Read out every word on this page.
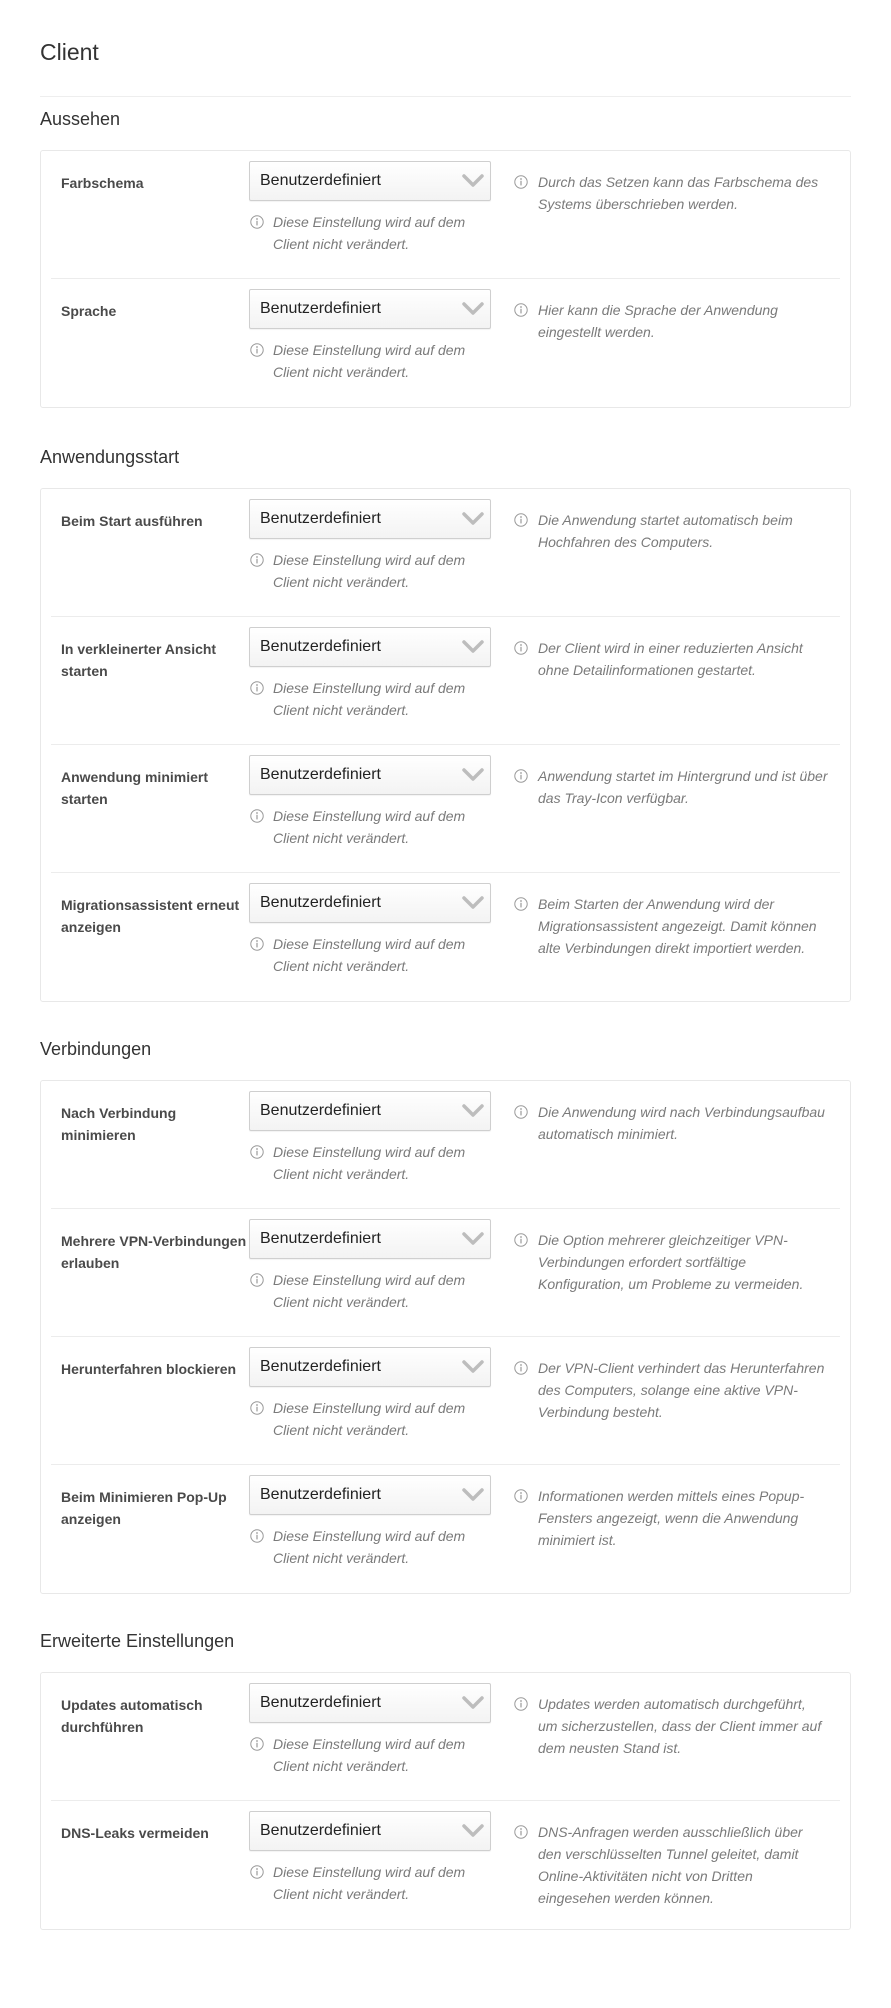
Client
Aussehen
Farbschema	Benutzerdefiniert
Diese Einstellung wird auf dem Client nicht verändert.
Durch das Setzen kann das Farbschema des Systems überschrieben werden.
Sprache	Benutzerdefiniert
Diese Einstellung wird auf dem Client nicht verändert.
Hier kann die Sprache der Anwendung eingestellt werden.
Anwendungsstart
Beim Start ausführen	Benutzerdefiniert
Diese Einstellung wird auf dem Client nicht verändert.
Die Anwendung startet automatisch beim Hochfahren des Computers.
In verkleinerter Ansicht starten
Benutzerdefiniert
Diese Einstellung wird auf dem Client nicht verändert.
Der Client wird in einer reduzierten Ansicht ohne Detailinformationen gestartet.
Anwendung minimiert starten
Benutzerdefiniert
Diese Einstellung wird auf dem Client nicht verändert.
Anwendung startet im Hintergrund und ist über das Tray-Icon verfügbar.
Migrationsassistent erneut anzeigen
Benutzerdefiniert
Diese Einstellung wird auf dem Client nicht verändert.
Beim Starten der Anwendung wird der Migrationsassistent angezeigt. Damit können alte Verbindungen direkt importiert werden.
Verbindungen
Nach Verbindung minimieren
Benutzerdefiniert
Diese Einstellung wird auf dem Client nicht verändert.
Die Anwendung wird nach Verbindungsaufbau automatisch minimiert.
Mehrere VPN-Verbindungen erlauben
Benutzerdefiniert
Diese Einstellung wird auf dem Client nicht verändert.
Die Option mehrerer gleichzeitiger VPN-Verbindungen erfordert sortfältige Konfiguration, um Probleme zu vermeiden.
Herunterfahren blockieren	Benutzerdefiniert
Diese Einstellung wird auf dem Client nicht verändert.
Der VPN-Client verhindert das Herunterfahren des Computers, solange eine aktive VPN-Verbindung besteht.
Beim Minimieren Pop-Up anzeigen
Benutzerdefiniert
Diese Einstellung wird auf dem Client nicht verändert.
Informationen werden mittels eines Popup-Fensters angezeigt, wenn die Anwendung minimiert ist.
Erweiterte Einstellungen
Updates automatisch durchführen
Benutzerdefiniert
Diese Einstellung wird auf dem Client nicht verändert.
Updates werden automatisch durchgeführt, um sicherzustellen, dass der Client immer auf dem neusten Stand ist.
DNS-Leaks vermeiden	Benutzerdefiniert
Diese Einstellung wird auf dem Client nicht verändert.
DNS-Anfragen werden ausschließlich über den verschlüsselten Tunnel geleitet, damit Online-Aktivitäten nicht von Dritten eingesehen werden können.
